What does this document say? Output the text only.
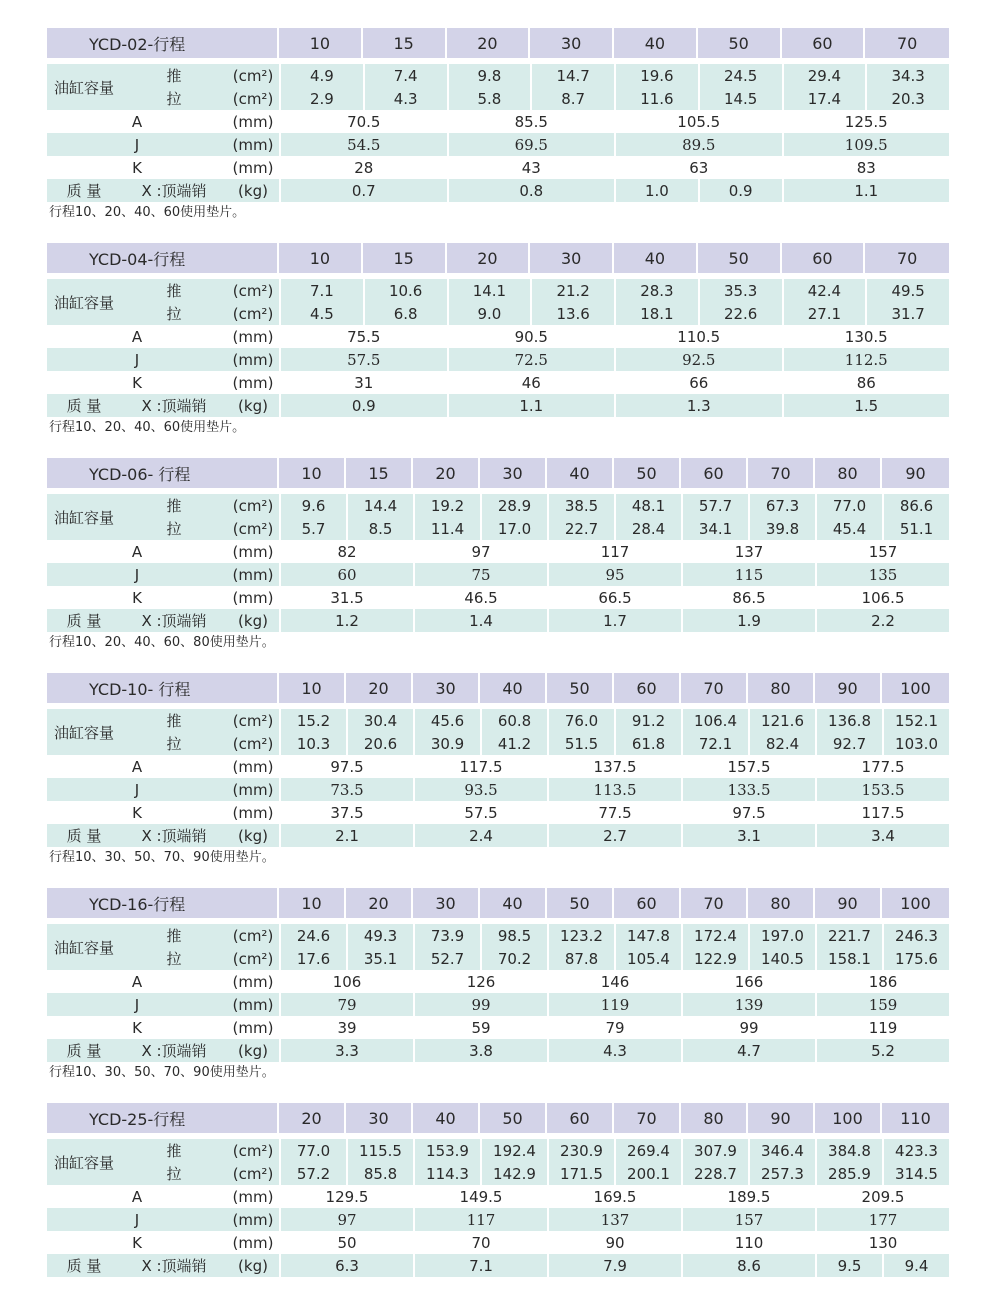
YCD-02-行程			10	15	20	30	40	50	60	70

油缸容量	推	(cm²)	4.9	7.4	9.8	14.7	19.6	24.5	29.4	34.3
	拉	(cm²)	2.9	4.3	5.8	8.7	11.6	14.5	17.4	20.3
A		(mm)	70.5		85.5		105.5		125.5	
J		(mm)	54.5		69.5		89.5		109.5	
K		(mm)	28		43		63		83	
质 量	X :顶端销	(kg)	0.7		0.8		1.0	0.9	1.1	
行程10、20、40、60使用垫片。
YCD-04-行程			10	15	20	30	40	50	60	70

油缸容量	推	(cm²)	7.1	10.6	14.1	21.2	28.3	35.3	42.4	49.5
	拉	(cm²)	4.5	6.8	9.0	13.6	18.1	22.6	27.1	31.7
A		(mm)	75.5		90.5		110.5		130.5	
J		(mm)	57.5		72.5		92.5		112.5	
K		(mm)	31		46		66		86	
质 量	X :顶端销	(kg)	0.9		1.1		1.3		1.5	
行程10、20、40、60使用垫片。
YCD-06- 行程			10	15	20	30	40	50	60	70	80	90

油缸容量	推	(cm²)	9.6	14.4	19.2	28.9	38.5	48.1	57.7	67.3	77.0	86.6
	拉	(cm²)	5.7	8.5	11.4	17.0	22.7	28.4	34.1	39.8	45.4	51.1
A		(mm)	82		97		117		137		157	
J		(mm)	60		75		95		115		135	
K		(mm)	31.5		46.5		66.5		86.5		106.5	
质 量	X :顶端销	(kg)	1.2		1.4		1.7		1.9		2.2	
行程10、20、40、60、80使用垫片。
YCD-10- 行程			10	20	30	40	50	60	70	80	90	100

油缸容量	推	(cm²)	15.2	30.4	45.6	60.8	76.0	91.2	106.4	121.6	136.8	152.1
	拉	(cm²)	10.3	20.6	30.9	41.2	51.5	61.8	72.1	82.4	92.7	103.0
A		(mm)	97.5		117.5		137.5		157.5		177.5	
J		(mm)	73.5		93.5		113.5		133.5		153.5	
K		(mm)	37.5		57.5		77.5		97.5		117.5	
质 量	X :顶端销	(kg)	2.1		2.4		2.7		3.1		3.4	
行程10、30、50、70、90使用垫片。
YCD-16-行程			10	20	30	40	50	60	70	80	90	100

油缸容量	推	(cm²)	24.6	49.3	73.9	98.5	123.2	147.8	172.4	197.0	221.7	246.3
	拉	(cm²)	17.6	35.1	52.7	70.2	87.8	105.4	122.9	140.5	158.1	175.6
A		(mm)	106		126		146		166		186	
J		(mm)	79		99		119		139		159	
K		(mm)	39		59		79		99		119	
质 量	X :顶端销	(kg)	3.3		3.8		4.3		4.7		5.2	
行程10、30、50、70、90使用垫片。
YCD-25-行程			20	30	40	50	60	70	80	90	100	110

油缸容量	推	(cm²)	77.0	115.5	153.9	192.4	230.9	269.4	307.9	346.4	384.8	423.3
	拉	(cm²)	57.2	85.8	114.3	142.9	171.5	200.1	228.7	257.3	285.9	314.5
A		(mm)	129.5		149.5		169.5		189.5		209.5	
J		(mm)	97		117		137		157		177	
K		(mm)	50		70		90		110		130	
质 量	X :顶端销	(kg)	6.3		7.1		7.9		8.6		9.5	9.4
